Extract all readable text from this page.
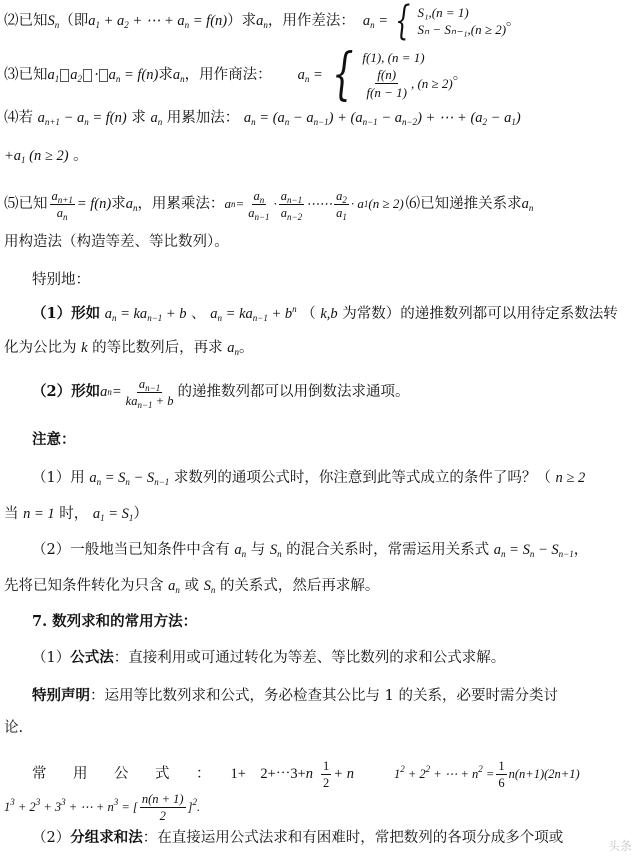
⑵已知 $S_n$ （即 $a_1 + a_2$ + ⋯ + $a_n = f(n)$ ）求 $a_n$ ，用作差法： $a_n$ = { S₁,(n = 1)
Sₙ − Sₙ₋₁,(n ≥ 2)
。
⑶已知 $a_1$ $a_2 \cdot a_n = f(n)$ 求 $a_n$ ，用作商法： $a_n$ = { f(1), (n = 1)
$\frac{f(n)}{f(n - 1)}$ , (n ≥ 2)
。
⑷若 $a_{n+1} - a_n = f(n)$ 求 $a_n$ 用累加法： $a_n = (a_n - a_{n-1}) + (a_{n-1} - a_{n-2})$ + ⋯ + $(a_2 - a_1)$
$+a_1$ (n ≥ 2) 。
⑸已知 $\frac{a_{n+1}}{a_n} = f(n)$ 求 $a_n$ ，用累乘法： a $n = \frac{a_n}{a_{n-1}} \cdot \frac{a_{n-1}}{a_{n-2}}$ ⋯⋯ $\frac{a_2}{a_1} \cdot a$ 1 (n ≥ 2) ⑹已知递推关系求 $a_n$
用构造法（构造等差、等比数列）。
特别地：
（1）形如 $a_n = ka_{n-1} + b$ 、 $a_n = ka_{n-1} + b^n$ （ k,b 为常数）的递推数列都可以用待定系数法转
化为公比为 k 的等比数列后，再求 $a_n$。
（2）形如 a $n = \frac{a_{n-1}}{ka_{n-1} + b}$ 的递推数列都可以用倒数法求通项。
注意：
（1）用 $a_n = S_n - S_{n-1}$ 求数列的通项公式时，你注意到此等式成立的条件了吗？（ n ≥ 2
当 n = 1 时， $a_1 = S_1$）
（2）一般地当已知条件中含有 $a_n$ 与 $S_n$ 的混合关系时，常需运用关系式 $a_n = S_n - S_{n-1}$，
先将已知条件转化为只含 $a_n$ 或 $S_n$ 的关系式，然后再求解。
7. 数列求和的常用方法：
（1）公式法：直接利用或可通过转化为等差、等比数列的求和公式求解。
特别声明：运用等比数列求和公式，务必检查其公比与 1 的关系，必要时需分类讨
论.
常　用　公　式　： 1+　2+⋯3+ n $\frac{1}{2} + n$	$1^2 + 2^2$ + ⋯ + $n^2 = \frac{1}{6} n(n+1)(2n+1)$
$1^3 + 2^3 + 3^3$ + ⋯ + $n^3$ = [ $\frac{n(n + 1)}{2} ]^2$.
（2）分组求和法：在直接运用公式法求和有困难时，常把数列的各项分成多个项或	头条
